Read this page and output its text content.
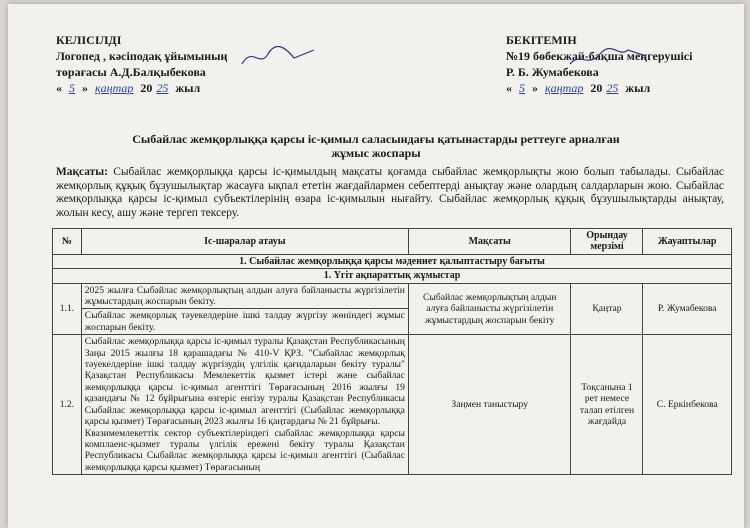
КЕЛІСІЛДІ
Логопед , кәсіподақ ұйымының
төрағасы А.Д.Балқыбекова
« 5 » қаңтар 20 25 жыл
БЕКІТЕМІН
№19 бөбекжай-бақша меңгерушісі
Р. Б. Жумабекова
« 5 » қаңтар 20 25 жыл
Сыбайлас жемқорлыққа қарсы іс-қимыл саласындағы қатынастарды реттеуге арналған
жұмыс жоспары
Мақсаты: Сыбайлас жемқорлыққа қарсы іс-қимылдың мақсаты қоғамда сыбайлас жемқорлықты жою болып табылады. Сыбайлас жемқорлық құқық бұзушылықтар жасауға ықпал ететін жағдайлармен себептерді анықтау және олардың салдарларын жою. Сыбайлас жемқорлыққа қарсы іс-қимыл субъектілерінің өзара іс-қимылын нығайту. Сыбайлас жемқорлық құқық бұзушылықтарды анықтау, жолын кесу, ашу және тергеп тексеру.
№	Іс-шаралар атауы	Мақсаты	Орындау мерзімі	Жауаптылар
1. Сыбайлас жемқорлыққа қарсы мәдениет қалыптастыру бағыты				
1. Үгіт ақпараттық жұмыстар				
1.1.	2025 жылға Сыбайлас жемқорлықтың алдын алуға байланысты жүргізілетін жұмыстардың жоспарын бекіту.	Сыбайлас жемқорлықтың алдын алуға байланысты жүргізілетін жұмыстардың жоспарын бекіту	Қаңтар	Р. Жумабекова
	Сыбайлас жемқорлық тәуекелдеріне ішкі талдау жүргізу жөніндегі жұмыс жоспарын бекіту.			
1.2.	Сыбайлас жемқорлыққа қарсы іс-қимыл туралы Қазақстан Республикасының Заңы 2015 жылғы 18 қарашадағы № 410-V ҚРЗ. "Сыбайлас жемқорлық тәуекелдеріне ішкі талдау жүргізудің үлгілік қағидаларын бекіту туралы" Қазақстан Республикасы Мемлекеттік қызмет істері және сыбайлас жемқорлыққа қарсы іс-қимыл агенттігі Төрағасының 2016 жылғы 19 қазандағы № 12 бұйрығына өзгеріс енгізу туралы Қазақстан Республикасы Сыбайлас жемқорлыққа қарсы іс-қимыл агенттігі (Сыбайлас жемқорлыққа қарсы қызмет) Төрағасының 2023 жылғы 16 қаңтардағы № 21 бұйрығы.
Квазимемлекеттік сектор субъектілеріндегі сыбайлас жемқорлыққа қарсы комплаенс-қызмет туралы үлгілік ережені бекіту туралы Қазақстан Республикасы Сыбайлас жемқорлыққа қарсы іс-қимыл агенттігі (Сыбайлас жемқорлыққа қарсы қызмет) Төрағасының	Заңмен таныстыру	Тоқсанына 1 рет немесе талап етілген жағдайда	С. Еркінбекова
